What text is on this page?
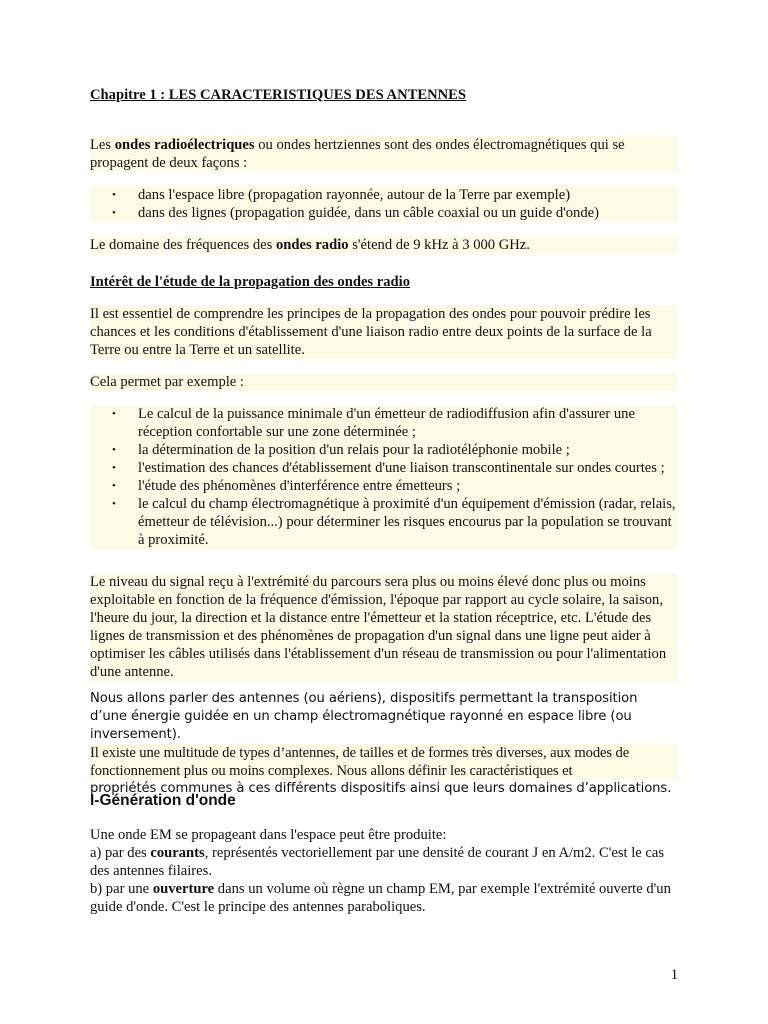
Chapitre 1 : LES CARACTERISTIQUES DES ANTENNES
Les ondes radioélectriques ou ondes hertziennes sont des ondes électromagnétiques qui se propagent de deux façons :
• dans l'espace libre (propagation rayonnée, autour de la Terre par exemple)
• dans des lignes (propagation guidée, dans un câble coaxial ou un guide d'onde)
Le domaine des fréquences des ondes radio s'étend de 9 kHz à 3 000 GHz.
Intérêt de l'étude de la propagation des ondes radio
Il est essentiel de comprendre les principes de la propagation des ondes pour pouvoir prédire les chances et les conditions d'établissement d'une liaison radio entre deux points de la surface de la Terre ou entre la Terre et un satellite.
Cela permet par exemple :
• Le calcul de la puissance minimale d'un émetteur de radiodiffusion afin d'assurer une réception confortable sur une zone déterminée ;
• la détermination de la position d'un relais pour la radiotéléphonie mobile ;
• l'estimation des chances d'établissement d'une liaison transcontinentale sur ondes courtes ;
• l'étude des phénomènes d'interférence entre émetteurs ;
• le calcul du champ électromagnétique à proximité d'un équipement d'émission (radar, relais, émetteur de télévision...) pour déterminer les risques encourus par la population se trouvant à proximité.
Le niveau du signal reçu à l'extrémité du parcours sera plus ou moins élevé donc plus ou moins exploitable en fonction de la fréquence d'émission, l'époque par rapport au cycle solaire, la saison, l'heure du jour, la direction et la distance entre l'émetteur et la station réceptrice, etc. L'étude des lignes de transmission et des phénomènes de propagation d'un signal dans une ligne peut aider à optimiser les câbles utilisés dans l'établissement d'un réseau de transmission ou pour l'alimentation d'une antenne.
Nous allons parler des antennes (ou aériens), dispositifs permettant la transposition d’une énergie guidée en un champ électromagnétique rayonné en espace libre (ou inversement).
Il existe une multitude de types d’antennes, de tailles et de formes très diverses, aux modes de fonctionnement plus ou moins complexes. Nous allons définir les caractéristiques et
propriétés communes à ces différents dispositifs ainsi que leurs domaines d’applications.
I-Génération d'onde
Une onde EM se propageant dans l'espace peut être produite:
a) par des courants, représentés vectoriellement par une densité de courant J en A/m2. C'est le cas des antennes filaires.
b) par une ouverture dans un volume où règne un champ EM, par exemple l'extrémité ouverte d'un guide d'onde. C'est le principe des antennes paraboliques.
1
